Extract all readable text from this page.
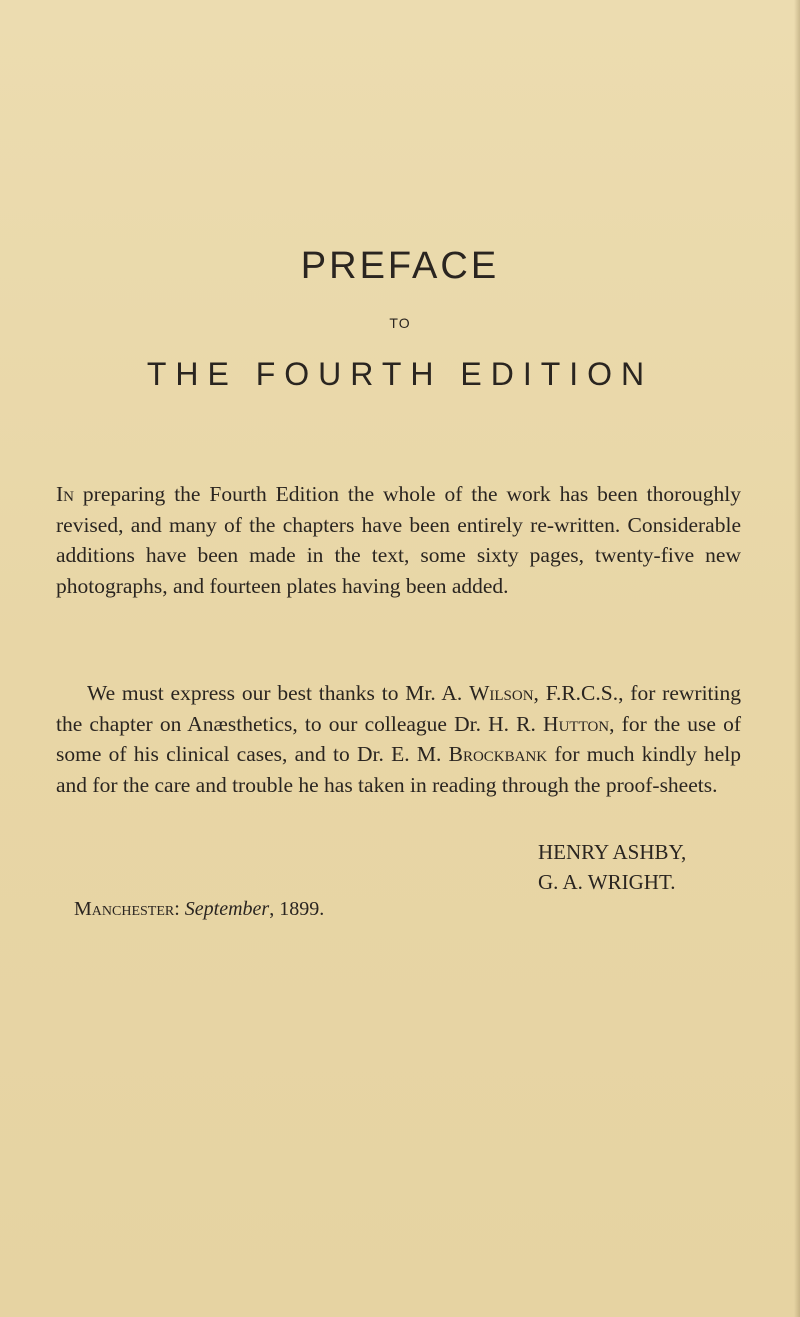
PREFACE
TO
THE FOURTH EDITION

In preparing the Fourth Edition the whole of the work has been thoroughly revised, and many of the chapters have been entirely re-written. Considerable additions have been made in the text, some sixty pages, twenty-five new photographs, and fourteen plates having been added.

We must express our best thanks to Mr. A. Wilson, F.R.C.S., for rewriting the chapter on Anæsthetics, to our colleague Dr. H. R. Hutton, for the use of some of his clinical cases, and to Dr. E. M. Brockbank for much kindly help and for the care and trouble he has taken in reading through the proof-sheets.

HENRY ASHBY,
G. A. WRIGHT.

Manchester: September, 1899.
